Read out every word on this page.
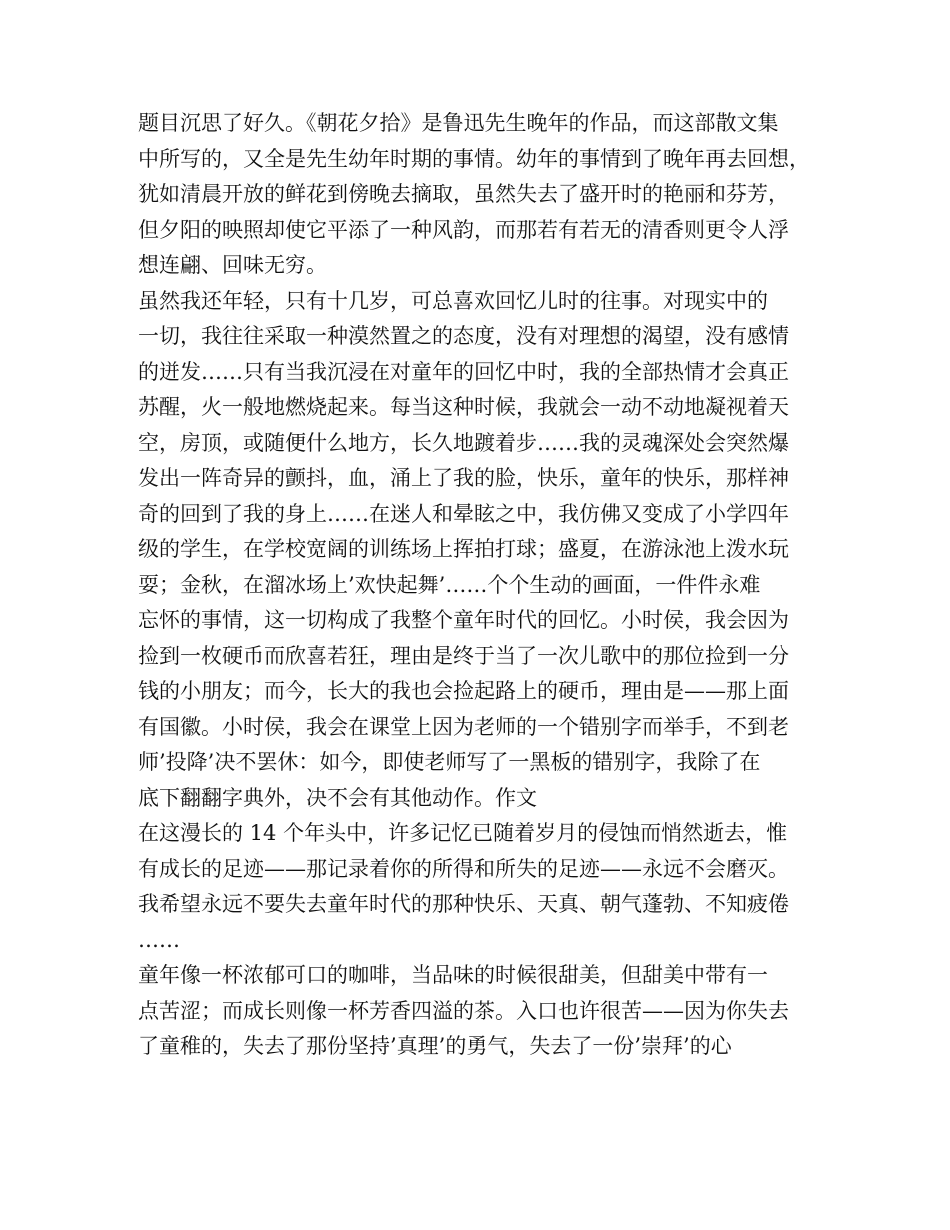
题目沉思了好久。《朝花夕拾》是鲁迅先生晚年的作品，而这部散文集
中所写的，又全是先生幼年时期的事情。幼年的事情到了晚年再去回想，
犹如清晨开放的鲜花到傍晚去摘取，虽然失去了盛开时的艳丽和芬芳，
但夕阳的映照却使它平添了一种风韵，而那若有若无的清香则更令人浮
想连翩、回味无穷。
虽然我还年轻，只有十几岁，可总喜欢回忆儿时的往事。对现实中的
一切，我往往采取一种漠然置之的态度，没有对理想的渴望，没有感情
的迸发……只有当我沉浸在对童年的回忆中时，我的全部热情才会真正
苏醒，火一般地燃烧起来。每当这种时候，我就会一动不动地凝视着天
空，房顶，或随便什么地方，长久地踱着步……我的灵魂深处会突然爆
发出一阵奇异的颤抖，血，涌上了我的脸，快乐，童年的快乐，那样神
奇的回到了我的身上……在迷人和晕眩之中，我仿佛又变成了小学四年
级的学生，在学校宽阔的训练场上挥拍打球；盛夏，在游泳池上泼水玩
耍；金秋，在溜冰场上’欢快起舞’……个个生动的画面，一件件永难
忘怀的事情，这一切构成了我整个童年时代的回忆。小时侯，我会因为
捡到一枚硬币而欣喜若狂，理由是终于当了一次儿歌中的那位捡到一分
钱的小朋友；而今，长大的我也会捡起路上的硬币，理由是——那上面
有国徽。小时侯，我会在课堂上因为老师的一个错别字而举手，不到老
师’投降’决不罢休：如今，即使老师写了一黑板的错别字，我除了在
底下翻翻字典外，决不会有其他动作。作文
在这漫长的 14 个年头中，许多记忆已随着岁月的侵蚀而悄然逝去，惟
有成长的足迹——那记录着你的所得和所失的足迹——永远不会磨灭。
我希望永远不要失去童年时代的那种快乐、天真、朝气蓬勃、不知疲倦
……
童年像一杯浓郁可口的咖啡，当品味的时候很甜美，但甜美中带有一
点苦涩；而成长则像一杯芳香四溢的茶。入口也许很苦——因为你失去
了童稚的，失去了那份坚持’真理’的勇气，失去了一份’崇拜’的心
